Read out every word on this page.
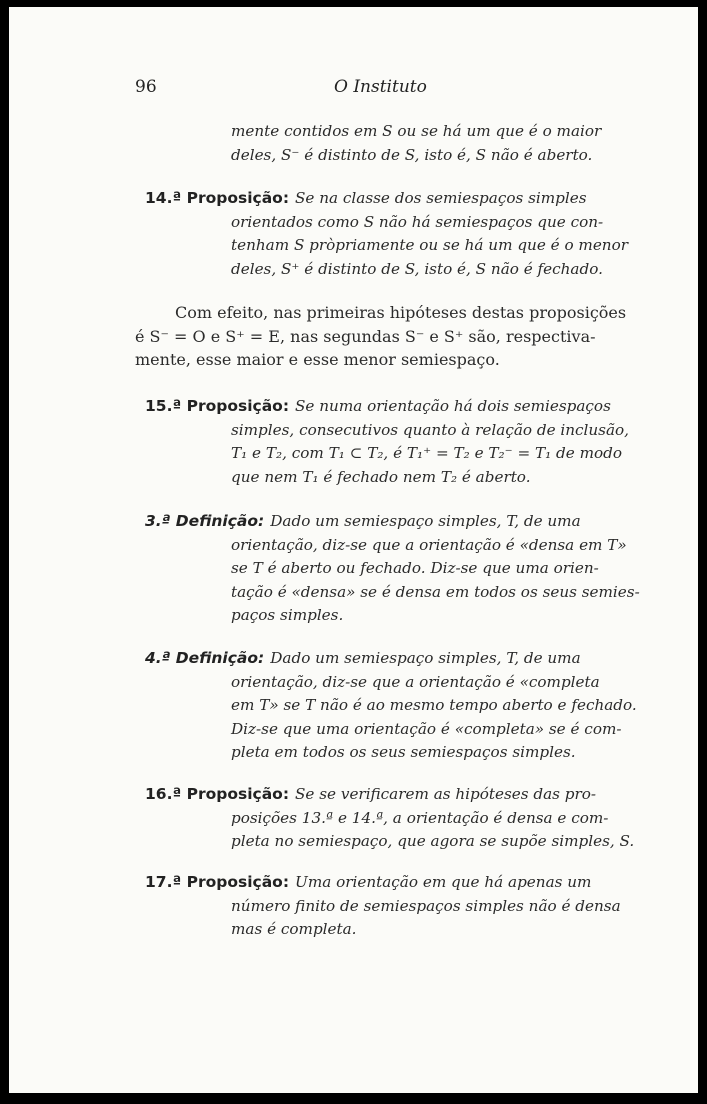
96	O Instituto
mente contidos em S ou se há um que é o maior
deles, S⁻ é distinto de S, isto é, S não é aberto.
14.ª Proposição: Se na classe dos semiespaços simples
orientados como S não há semiespaços que con-
tenham S pròpriamente ou se há um que é o menor
deles, S⁺ é distinto de S, isto é, S não é fechado.
Com efeito, nas primeiras hipóteses destas proposições
é S⁻ = O e S⁺ = E, nas segundas S⁻ e S⁺ são, respectiva-
mente, esse maior e esse menor semiespaço.
15.ª Proposição: Se numa orientação há dois semiespaços
simples, consecutivos quanto à relação de inclusão,
T₁ e T₂, com T₁ ⊂ T₂, é T₁⁺ = T₂ e T₂⁻ = T₁ de modo
que nem T₁ é fechado nem T₂ é aberto.
3.ª Definição: Dado um semiespaço simples, T, de uma
orientação, diz-se que a orientação é «densa em T»
se T é aberto ou fechado. Diz-se que uma orien-
tação é «densa» se é densa em todos os seus semies-
paços simples.
4.ª Definição: Dado um semiespaço simples, T, de uma
orientação, diz-se que a orientação é «completa
em T» se T não é ao mesmo tempo aberto e fechado.
Diz-se que uma orientação é «completa» se é com-
pleta em todos os seus semiespaços simples.
16.ª Proposição: Se se verificarem as hipóteses das pro-
posições 13.ª e 14.ª, a orientação é densa e com-
pleta no semiespaço, que agora se supõe simples, S.
17.ª Proposição: Uma orientação em que há apenas um
número finito de semiespaços simples não é densa
mas é completa.
